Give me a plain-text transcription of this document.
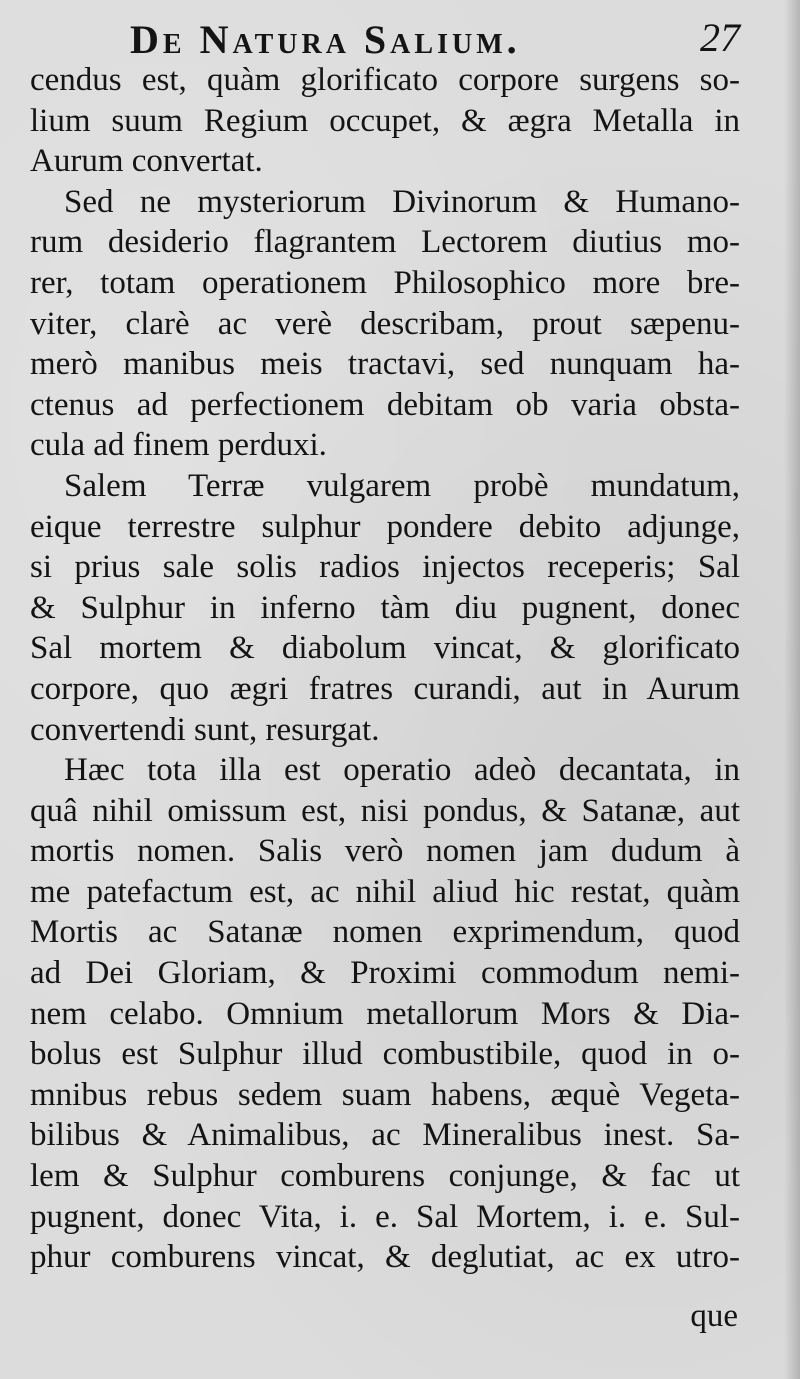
De Natura Salium.	27
cendus est, quàm glorificato corpore surgens so-
lium suum Regium occupet, & ægra Metalla in
Aurum convertat.
Sed ne mysteriorum Divinorum & Humano-
rum desiderio flagrantem Lectorem diutius mo-
rer, totam operationem Philosophico more bre-
viter, clarè ac verè describam, prout sæpenu-
merò manibus meis tractavi, sed nunquam ha-
ctenus ad perfectionem debitam ob varia obsta-
cula ad finem perduxi.
Salem Terræ vulgarem probè mundatum,
eique terrestre sulphur pondere debito adjunge,
si prius sale solis radios injectos receperis; Sal
& Sulphur in inferno tàm diu pugnent, donec
Sal mortem & diabolum vincat, & glorificato
corpore, quo ægri fratres curandi, aut in Aurum
convertendi sunt, resurgat.
Hæc tota illa est operatio adeò decantata, in
quâ nihil omissum est, nisi pondus, & Satanæ, aut
mortis nomen. Salis verò nomen jam dudum à
me patefactum est, ac nihil aliud hic restat, quàm
Mortis ac Satanæ nomen exprimendum, quod
ad Dei Gloriam, & Proximi commodum nemi-
nem celabo. Omnium metallorum Mors & Dia-
bolus est Sulphur illud combustibile, quod in o-
mnibus rebus sedem suam habens, æquè Vegeta-
bilibus & Animalibus, ac Mineralibus inest. Sa-
lem & Sulphur comburens conjunge, & fac ut
pugnent, donec Vita, i. e. Sal Mortem, i. e. Sul-
phur comburens vincat, & deglutiat, ac ex utro-
que
